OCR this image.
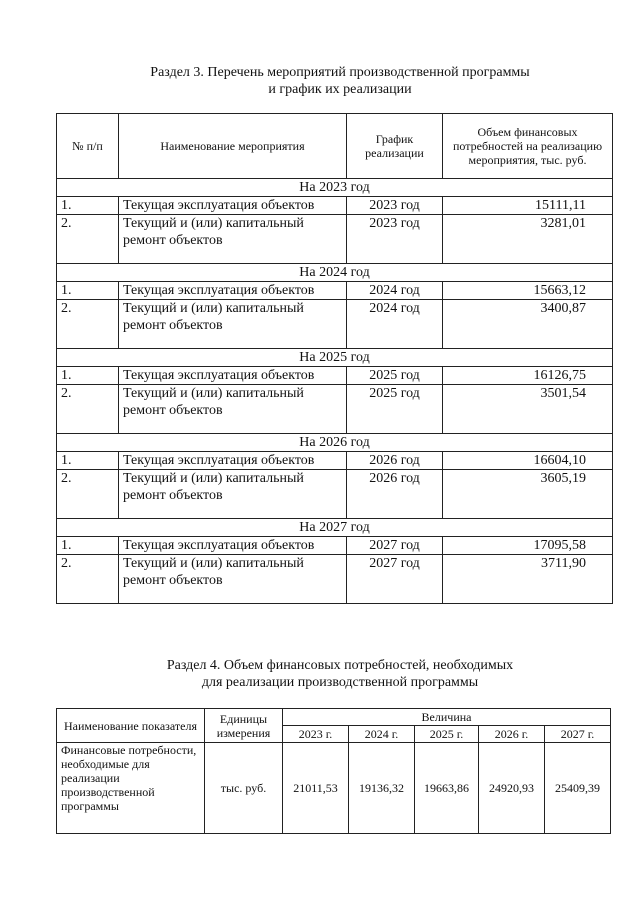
Раздел 3. Перечень мероприятий производственной программы
и график их реализации
№ п/п	Наименование мероприятия	График реализации	Объем финансовых потребностей на реализацию мероприятия, тыс. руб.
На 2023 год			
1.	Текущая эксплуатация объектов	2023 год	15111,11
2.	Текущий и (или) капитальный ремонт объектов	2023 год	3281,01
На 2024 год			
1.	Текущая эксплуатация объектов	2024 год	15663,12
2.	Текущий и (или) капитальный ремонт объектов	2024 год	3400,87
На 2025 год			
1.	Текущая эксплуатация объектов	2025 год	16126,75
2.	Текущий и (или) капитальный ремонт объектов	2025 год	3501,54
На 2026 год			
1.	Текущая эксплуатация объектов	2026 год	16604,10
2.	Текущий и (или) капитальный ремонт объектов	2026 год	3605,19
На 2027 год			
1.	Текущая эксплуатация объектов	2027 год	17095,58
2.	Текущий и (или) капитальный ремонт объектов	2027 год	3711,90
Раздел 4. Объем финансовых потребностей, необходимых
для реализации производственной программы
Наименование показателя	Единицы измерения	Величина				
		2023 г.	2024 г.	2025 г.	2026 г.	2027 г.
Финансовые потребности, необходимые для реализации производственной программы	тыс. руб.	21011,53	19136,32	19663,86	24920,93	25409,39
